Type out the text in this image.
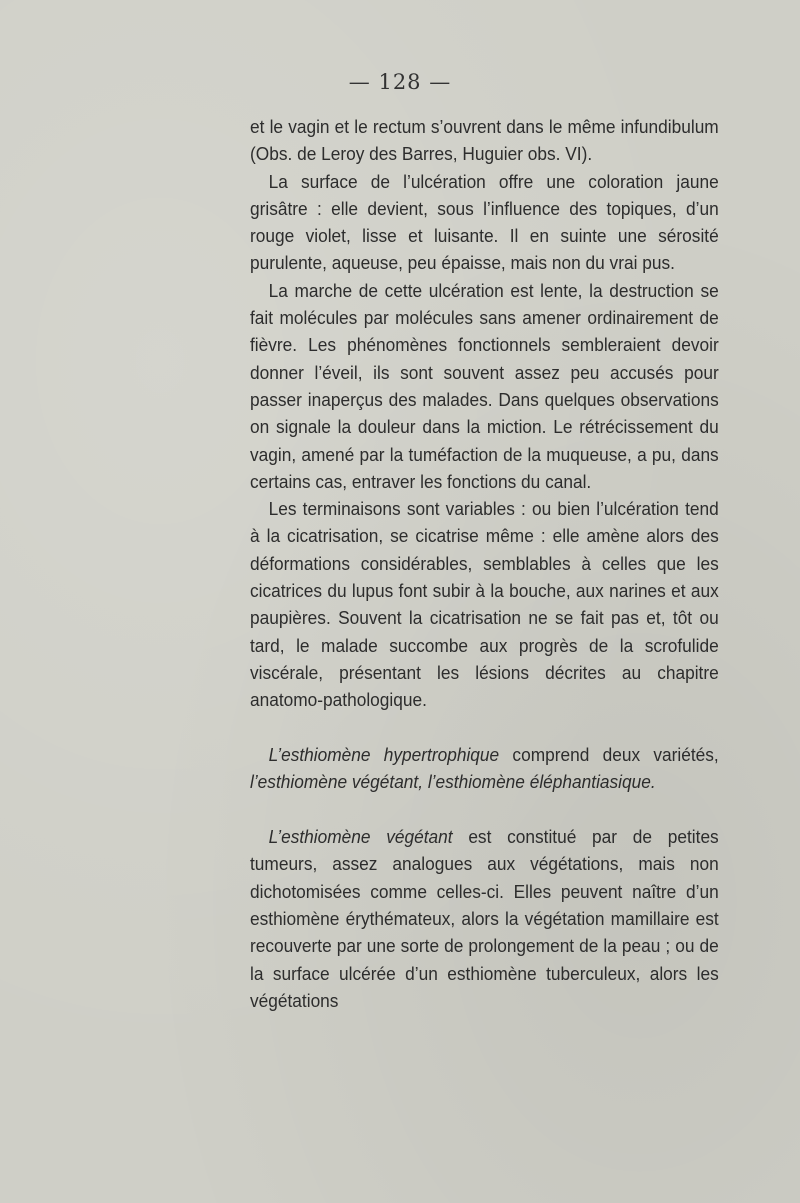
— 128 —

et le vagin et le rectum s’ouvrent dans le même infundibulum (Obs. de Leroy des Barres, Huguier obs. VI).

La surface de l’ulcération offre une coloration jaune grisâtre : elle devient, sous l’influence des topiques, d’un rouge violet, lisse et luisante. Il en suinte une sérosité purulente, aqueuse, peu épaisse, mais non du vrai pus.

La marche de cette ulcération est lente, la destruction se fait molécules par molécules sans amener ordinairement de fièvre. Les phénomènes fonctionnels sembleraient devoir donner l’éveil, ils sont souvent assez peu accusés pour passer inaperçus des malades. Dans quelques observations on signale la douleur dans la miction. Le rétrécissement du vagin, amené par la tuméfaction de la muqueuse, a pu, dans certains cas, entraver les fonctions du canal.

Les terminaisons sont variables : ou bien l’ulcération tend à la cicatrisation, se cicatrise même : elle amène alors des déformations considérables, semblables à celles que les cicatrices du lupus font subir à la bouche, aux narines et aux paupières. Souvent la cicatrisation ne se fait pas et, tôt ou tard, le malade succombe aux progrès de la scrofulide viscérale, présentant les lésions décrites au chapitre anatomo-pathologique.

L’esthiomène hypertrophique comprend deux variétés, l’esthiomène végétant, l’esthiomène éléphantiasique.

L’esthiomène végétant est constitué par de petites tumeurs, assez analogues aux végétations, mais non dichotomisées comme celles-ci. Elles peuvent naître d’un esthiomène érythémateux, alors la végétation mamillaire est recouverte par une sorte de prolongement de la peau ; ou de la surface ulcérée d’un esthiomène tuberculeux, alors les végétations
